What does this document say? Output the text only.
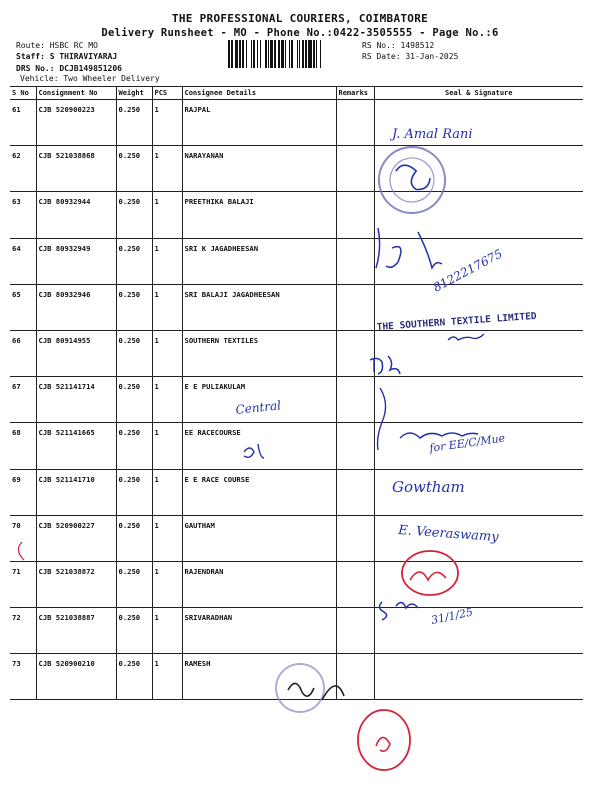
THE PROFESSIONAL COURIERS, COIMBATORE
Delivery Runsheet - MO - Phone No.:0422-3505555 - Page No.:6
Route: HSBC RC MO
Staff: S THIRAVIYARAJ
DRS No.: DCJB149851206
Vehicle: Two Wheeler Delivery
RS No.: 1498512
RS Date: 31-Jan-2025
S No	Consignment No	Weight	PCS	Consignee Details	Remarks	Seal & Signature
61	CJB 520900223	0.250	1	RAJPAL		
62	CJB 521038868	0.250	1	NARAYANAN		
63	CJB 80932944	0.250	1	PREETHIKA BALAJI		
64	CJB 80932949	0.250	1	SRI K JAGADHEESAN		
65	CJB 80932946	0.250	1	SRI BALAJI JAGADHEESAN		
66	CJB 80914955	0.250	1	SOUTHERN TEXTILES		
67	CJB 521141714	0.250	1	E E PULIAKULAM		
68	CJB 521141665	0.250	1	EE RACECOURSE		
69	CJB 521141710	0.250	1	E E RACE COURSE		
70	CJB 520900227	0.250	1	GAUTHAM		
71	CJB 521038872	0.250	1	RAJENDRAN		
72	CJB 521038887	0.250	1	SRIVARADHAN		
73	CJB 520900210	0.250	1	RAMESH		
J. Amal Rani
8122217675
THE SOUTHERN TEXTILE LIMITED
Central
for EE/C/Mue
Gowtham
E. Veeraswamy
31/1/25
